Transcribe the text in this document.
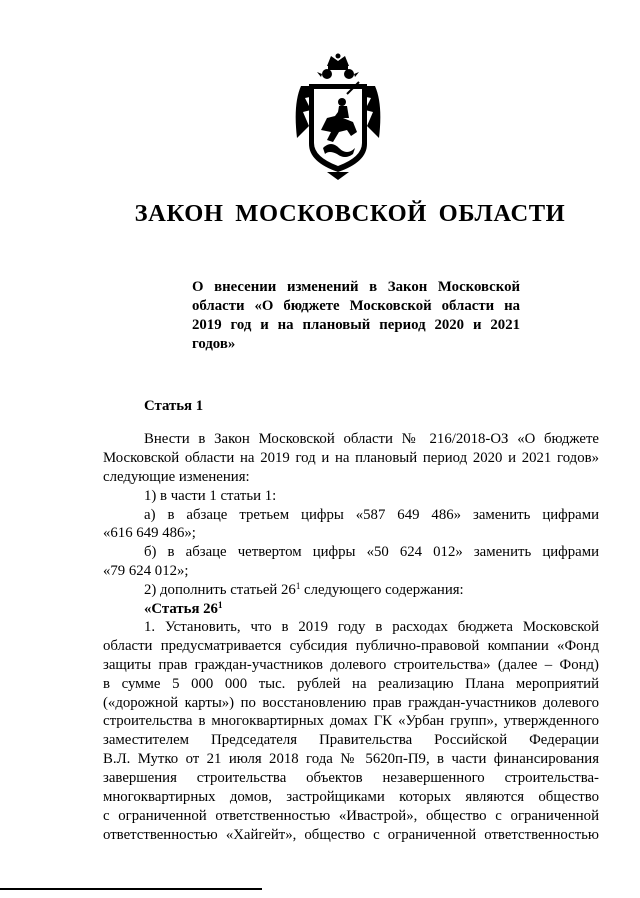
ЗАКОН МОСКОВСКОЙ ОБЛАСТИ
О внесении изменений в Закон Московской
области «О бюджете Московской области на
2019 год и на плановый период 2020 и 2021
годов»
Статья 1
Внести в Закон Московской области № 216/2018-ОЗ «О бюджете
Московской области на 2019 год и на плановый период 2020 и 2021 годов»
следующие изменения:
1) в части 1 статьи 1:
а) в абзаце третьем цифры «587 649 486» заменить цифрами
«616 649 486»;
б) в абзаце четвертом цифры «50 624 012» заменить цифрами
«79 624 012»;
2) дополнить статьей $26^1$ следующего содержания:
«Статья $26^1$
1. Установить, что в 2019 году в расходах бюджета Московской
области предусматривается субсидия публично-правовой компании «Фонд
защиты прав граждан-участников долевого строительства» (далее – Фонд)
в сумме 5 000 000 тыс. рублей на реализацию Плана мероприятий
(«дорожной карты») по восстановлению прав граждан-участников долевого
строительства в многоквартирных домах ГК «Урбан групп», утвержденного
заместителем Председателя Правительства Российской Федерации
В.Л. Мутко от 21 июля 2018 года № 5620п-П9, в части финансирования
завершения строительства объектов незавершенного строительства-
многоквартирных домов, застройщиками которых являются общество
с ограниченной ответственностью «Ивастрой», общество с ограниченной
ответственностью «Хайгейт», общество с ограниченной ответственностью
